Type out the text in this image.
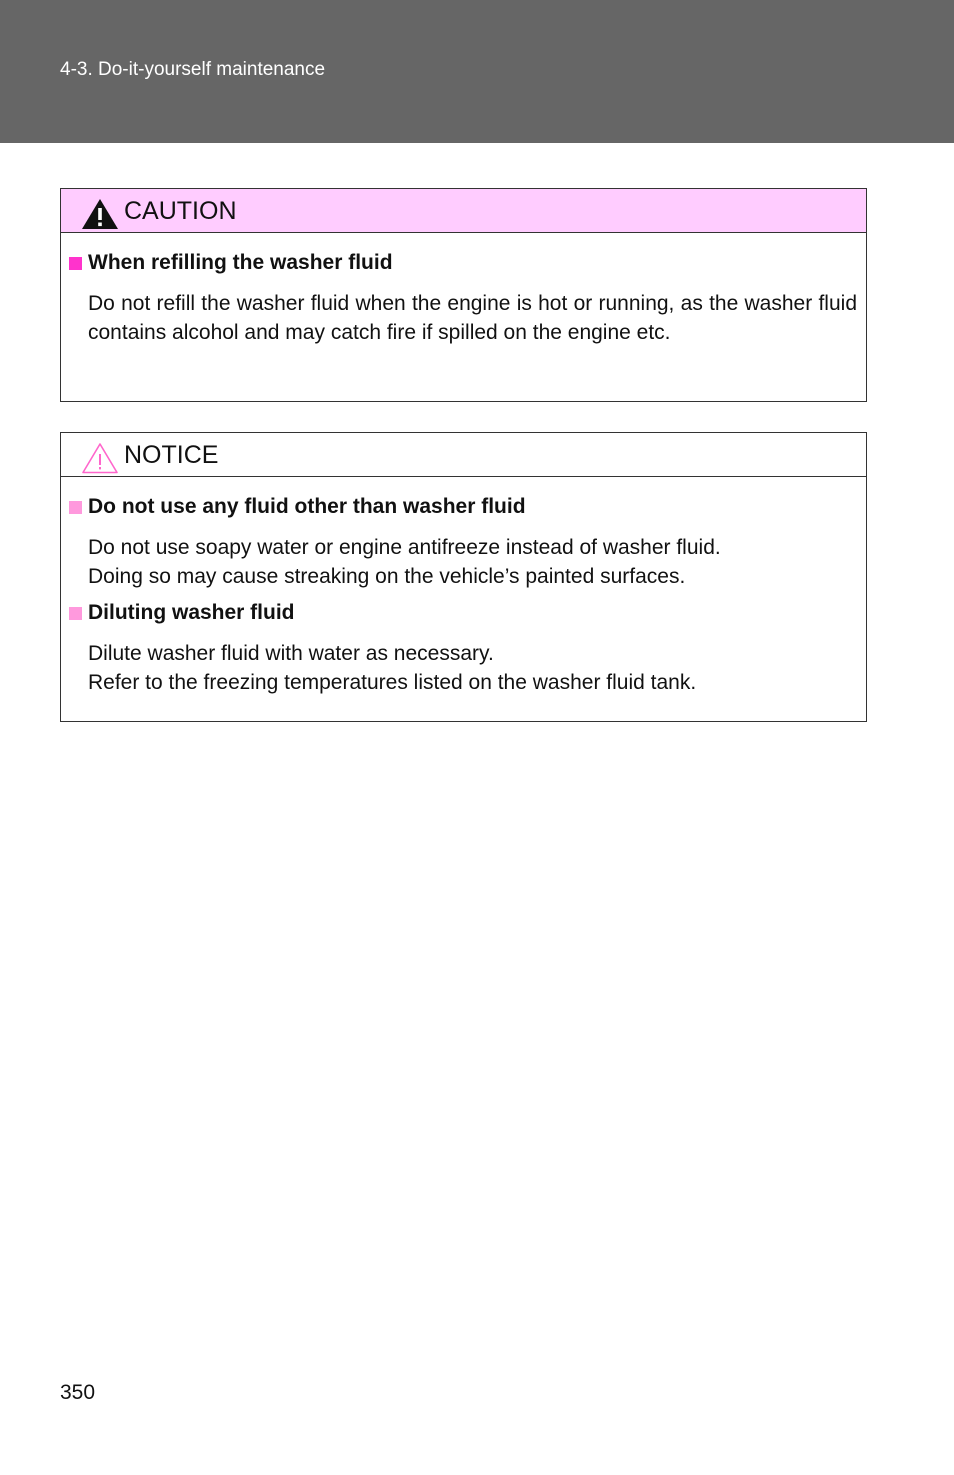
4-3. Do-it-yourself maintenance
CAUTION
When refilling the washer fluid
Do not refill the washer fluid when the engine is hot or running, as the washer fluid contains alcohol and may catch fire if spilled on the engine etc.
NOTICE
Do not use any fluid other than washer fluid
Do not use soapy water or engine antifreeze instead of washer fluid.
Doing so may cause streaking on the vehicle’s painted surfaces.
Diluting washer fluid
Dilute washer fluid with water as necessary.
Refer to the freezing temperatures listed on the washer fluid tank.
350
